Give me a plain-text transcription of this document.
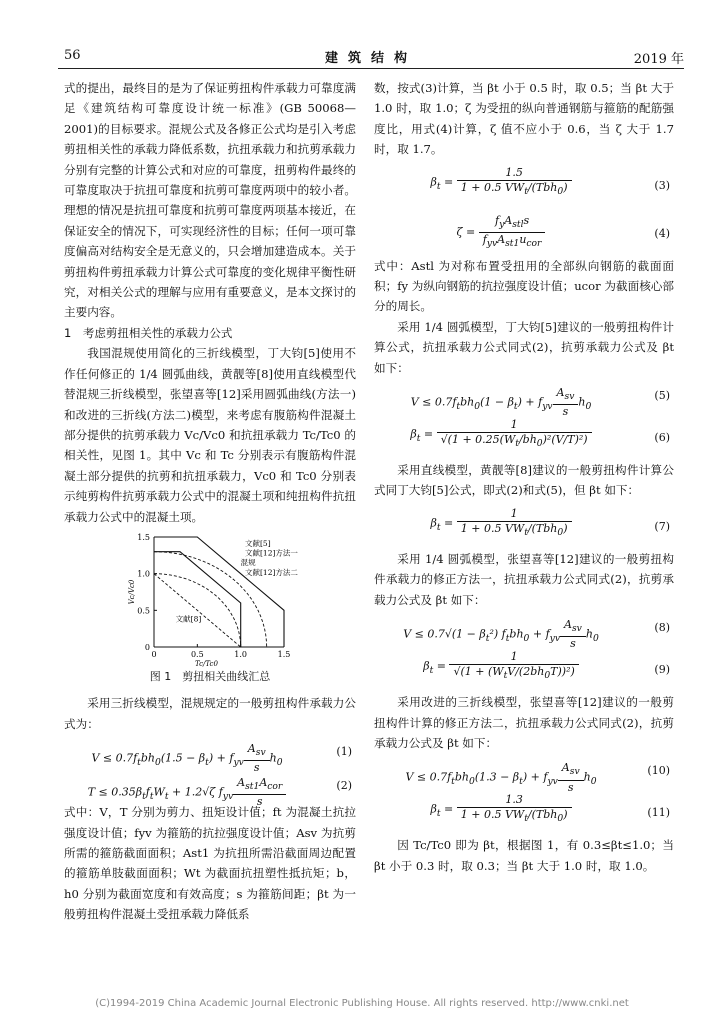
56	建筑结构	2019 年

式的提出，最终目的是为了保证剪扭构件承载力可靠度满足《建筑结构可靠度设计统一标准》(GB 50068—2001)的目标要求。混规公式及各修正公式均是引入考虑剪扭相关性的承载力降低系数，抗扭承载力和抗剪承载力分别有完整的计算公式和对应的可靠度，扭剪构件最终的可靠度取决于抗扭可靠度和抗剪可靠度两项中的较小者。理想的情况是抗扭可靠度和抗剪可靠度两项基本接近，在保证安全的情况下，可实现经济性的目标；任何一项可靠度偏高对结构安全是无意义的，只会增加建造成本。关于剪扭构件剪扭承载力计算公式可靠度的变化规律平衡性研究，对相关公式的理解与应用有重要意义，是本文探讨的主要内容。

1　考虑剪扭相关性的承载力公式

我国混规使用简化的三折线模型，丁大钧[5]使用不作任何修正的 1/4 圆弧曲线，黄靓等[8]使用直线模型代替混规三折线模型，张望喜等[12]采用圆弧曲线(方法一)和改进的三折线(方法二)模型，来考虑有腹筋构件混凝土部分提供的抗剪承载力 Vc/Vc0 和抗扭承载力 Tc/Tc0 的相关性，见图 1。其中 Vc 和 Tc 分别表示有腹筋构件混凝土部分提供的抗剪和抗扭承载力，Vc0 和 Tc0 分别表示纯剪构件抗剪承载力公式中的混凝土项和纯扭构件抗扭承载力公式中的混凝土项。

0	0.5	1.0	1.5
0
0.5
1.0
1.5
Tc/Tc0
Vc/Vc0
文献[5]
文献[12]方法一
混规
文献[12]方法二
文献[8]
图 1　剪扭相关曲线汇总

采用三折线模型，混规规定的一般剪扭构件承载力公式为：

$V \le 0.7f_tbh_0(1.5 - \beta_t) + f_{yv} \frac{A_{sv}}{s} h_0$
(1)
$T \le 0.35\beta_tf_tW_t + 1.2√\zeta$ $f_{yv} \frac{A_{st1}A_{cor}}{s}$	(2)

式中：V，T 分别为剪力、扭矩设计值；ft 为混凝土抗拉强度设计值；fyv 为箍筋的抗拉强度设计值；Asv 为抗剪所需的箍筋截面面积；Ast1 为抗扭所需沿截面周边配置的箍筋单肢截面面积；Wt 为截面抗扭塑性抵抗矩；b，h0 分别为截面宽度和有效高度；s 为箍筋间距；βt 为一般剪扭构件混凝土受扭承载力降低系

数，按式(3)计算，当 βt 小于 0.5 时，取 0.5；当 βt 大于 1.0 时，取 1.0；ζ 为受扭的纵向普通钢筋与箍筋的配筋强度比，用式(4)计算，ζ 值不应小于 0.6，当 ζ 大于 1.7 时，取 1.7。

$\beta_t = \frac{1.5}{1 + 0.5 VW_t/(Tbh_0)}$	(3)
$\zeta = \frac{f_yA_{stl}s}{f_{yv}A_{st1}u_{cor}}$	(4)

式中：Astl 为对称布置受扭用的全部纵向钢筋的截面面积；fy 为纵向钢筋的抗拉强度设计值；ucor 为截面核心部分的周长。

采用 1/4 圆弧模型，丁大钧[5]建议的一般剪扭构件计算公式，抗扭承载力公式同式(2)，抗剪承载力公式及 βt 如下：

$V \le 0.7f_tbh_0(1 - \beta_t) + f_{yv} \frac{A_{sv}}{s} h_0$
(5)
$\beta_t = \frac{1}{√(1 + 0.25(W_t/bh_0)^2(V/T)^2)}$	(6)

采用直线模型，黄靓等[8]建议的一般剪扭构件计算公式同丁大钧[5]公式，即式(2)和式(5)，但 βt 如下：

$\beta_t = \frac{1}{1 + 0.5 VW_t/(Tbh_0)}$	(7)

采用 1/4 圆弧模型，张望喜等[12]建议的一般剪扭构件承载力的修正方法一，抗扭承载力公式同式(2)，抗剪承载力公式及 βt 如下：

$V \le 0.7√(1 - \beta_t^2)$ $f_tbh_0 + f_{yv} \frac{A_{sv}}{s} h_0$
(8)
$\beta_t = \frac{1}{√(1 + (W_tV/(2bh_0T))^2)}$	(9)

采用改进的三折线模型，张望喜等[12]建议的一般剪扭构件计算的修正方法二，抗扭承载力公式同式(2)，抗剪承载力公式及 βt 如下：

$V \le 0.7f_tbh_0(1.3 - \beta_t) + f_{yv} \frac{A_{sv}}{s} h_0$
(10)
$\beta_t = \frac{1.3}{1 + 0.5 VW_t/(Tbh_0)}$	(11)

因 Tc/Tc0 即为 βt，根据图 1，有 0.3≤βt≤1.0；当 βt 小于 0.3 时，取 0.3；当 βt 大于 1.0 时，取 1.0。

(C)1994-2019 China Academic Journal Electronic Publishing House. All rights reserved. http://www.cnki.net
